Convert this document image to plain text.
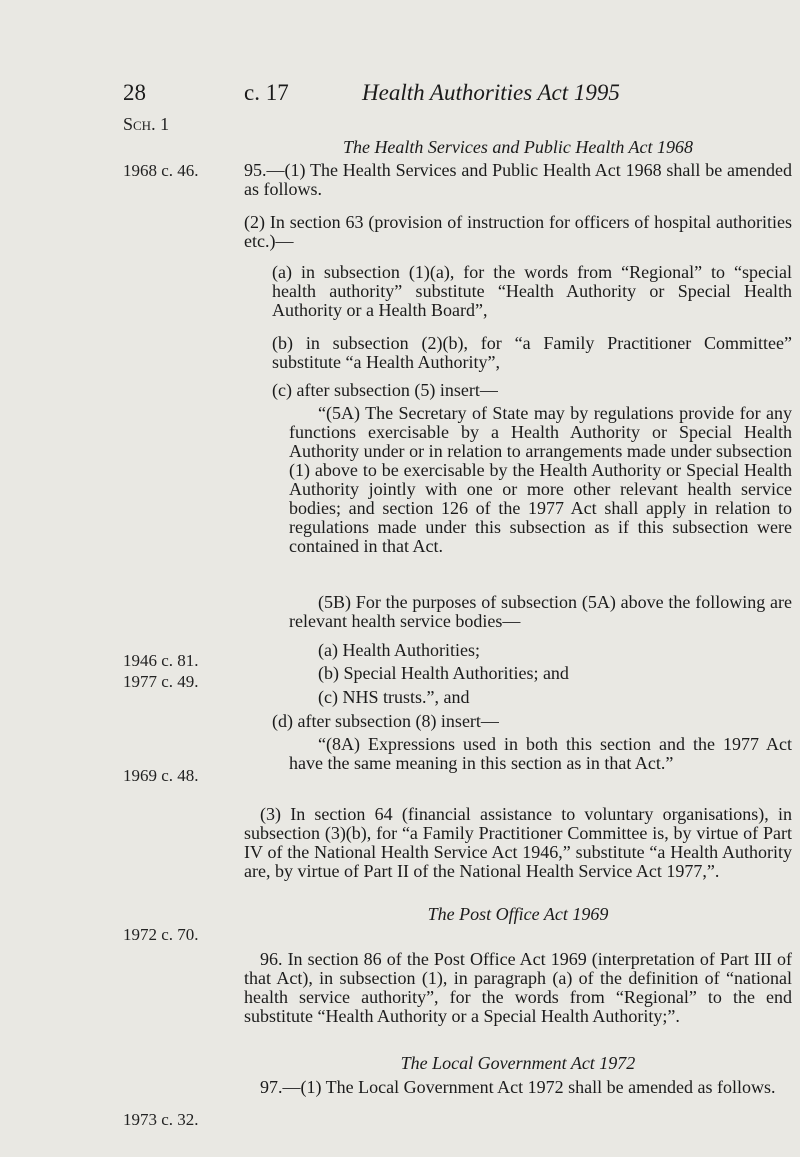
28	c. 17	Health Authorities Act 1995
Sch. 1
1968 c. 46.
1946 c. 81.
1977 c. 49.
1969 c. 48.
1972 c. 70.
1973 c. 32.
The Health Services and Public Health Act 1968

95.—(1) The Health Services and Public Health Act 1968 shall be amended as follows.

(2) In section 63 (provision of instruction for officers of hospital authorities etc.)—

(a) in subsection (1)(a), for the words from “Regional” to “special health authority” substitute “Health Authority or Special Health Authority or a Health Board”,

(b) in subsection (2)(b), for “a Family Practitioner Committee” substitute “a Health Authority”,

(c) after subsection (5) insert—

“(5A) The Secretary of State may by regulations provide for any functions exercisable by a Health Authority or Special Health Authority under or in relation to arrangements made under subsection (1) above to be exercisable by the Health Authority or Special Health Authority jointly with one or more other relevant health service bodies; and section 126 of the 1977 Act shall apply in relation to regulations made under this subsection as if this subsection were contained in that Act.

(5B) For the purposes of subsection (5A) above the following are relevant health service bodies—

(a) Health Authorities;

(b) Special Health Authorities; and

(c) NHS trusts.”, and

(d) after subsection (8) insert—

“(8A) Expressions used in both this section and the 1977 Act have the same meaning in this section as in that Act.”

(3) In section 64 (financial assistance to voluntary organisations), in subsection (3)(b), for “a Family Practitioner Committee is, by virtue of Part IV of the National Health Service Act 1946,” substitute “a Health Authority are, by virtue of Part II of the National Health Service Act 1977,”.

The Post Office Act 1969

96. In section 86 of the Post Office Act 1969 (interpretation of Part III of that Act), in subsection (1), in paragraph (a) of the definition of “national health service authority”, for the words from “Regional” to the end substitute “Health Authority or a Special Health Authority;”.

The Local Government Act 1972

97.—(1) The Local Government Act 1972 shall be amended as follows.
